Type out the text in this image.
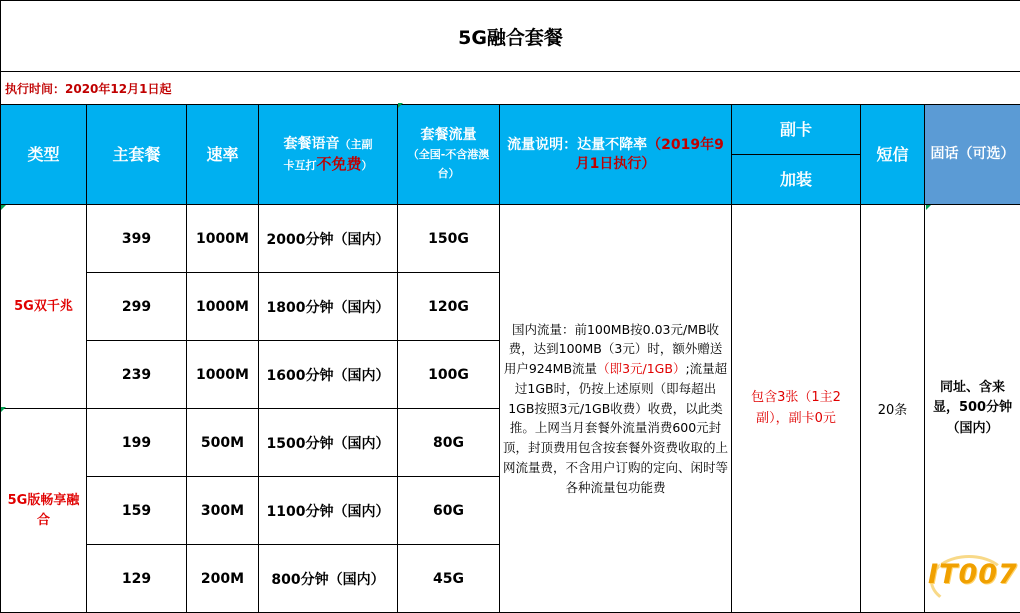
5G融合套餐								
执行时间：2020年12月1日起								
类型	主套餐	速率	套餐语音（主副
卡互打不免费）	套餐流量
（全国-不含港澳台）	流量说明：达量不降率（2019年9月1日执行）	副卡	短信	固话（可选）
						加装		
5G双千兆	399	1000M	2000分钟（国内）	150G	国内流量：前100MB按0.03元/MB收费，达到100MB（3元）时，额外赠送用户924MB流量（即3元/1GB）;流量超过1GB时，仍按上述原则（即每超出1GB按照3元/1GB收费）收费，以此类推。上网当月套餐外流量消费600元封顶，封顶费用包含按套餐外资费收取的上网流量费，不含用户订购的定向、闲时等各种流量包功能费	包含3张（1主2副），副卡0元	20条	同址、含来显，500分钟（国内）
	299	1000M	1800分钟（国内）	120G				
	239	1000M	1600分钟（国内）	100G				
5G版畅享融合	199	500M	1500分钟（国内）	80G				
	159	300M	1100分钟（国内）	60G				
	129	200M	800分钟（国内）	45G					IT007
